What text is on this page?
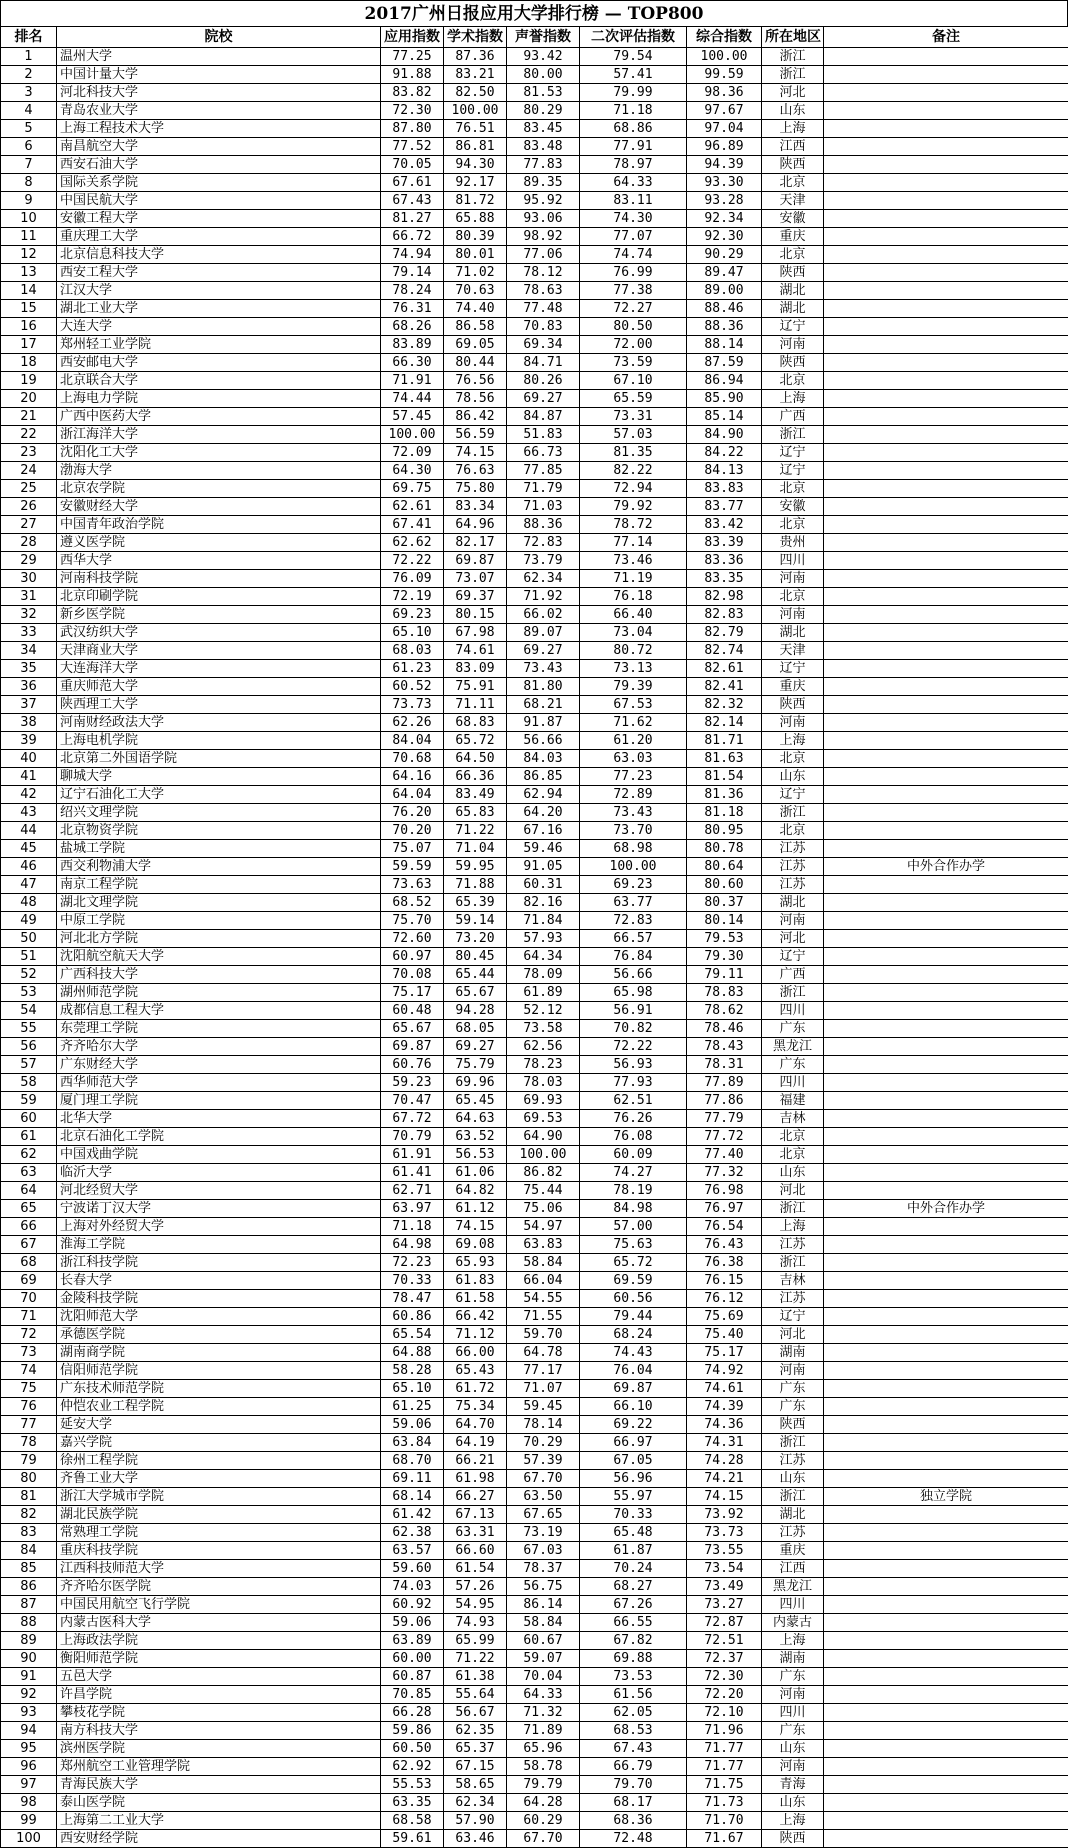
2017广州日报应用大学排行榜 — TOP800
排名	院校	应用指数	学术指数	声誉指数	二次评估指数	综合指数	所在地区	备注
1	温州大学	77.25	87.36	93.42	79.54	100.00	浙江	
2	中国计量大学	91.88	83.21	80.00	57.41	99.59	浙江	
3	河北科技大学	83.82	82.50	81.53	79.99	98.36	河北	
4	青岛农业大学	72.30	100.00	80.29	71.18	97.67	山东	
5	上海工程技术大学	87.80	76.51	83.45	68.86	97.04	上海	
6	南昌航空大学	77.52	86.81	83.48	77.91	96.89	江西	
7	西安石油大学	70.05	94.30	77.83	78.97	94.39	陕西	
8	国际关系学院	67.61	92.17	89.35	64.33	93.30	北京	
9	中国民航大学	67.43	81.72	95.92	83.11	93.28	天津	
10	安徽工程大学	81.27	65.88	93.06	74.30	92.34	安徽	
11	重庆理工大学	66.72	80.39	98.92	77.07	92.30	重庆	
12	北京信息科技大学	74.94	80.01	77.06	74.74	90.29	北京	
13	西安工程大学	79.14	71.02	78.12	76.99	89.47	陕西	
14	江汉大学	78.24	70.63	78.63	77.38	89.00	湖北	
15	湖北工业大学	76.31	74.40	77.48	72.27	88.46	湖北	
16	大连大学	68.26	86.58	70.83	80.50	88.36	辽宁	
17	郑州轻工业学院	83.89	69.05	69.34	72.00	88.14	河南	
18	西安邮电大学	66.30	80.44	84.71	73.59	87.59	陕西	
19	北京联合大学	71.91	76.56	80.26	67.10	86.94	北京	
20	上海电力学院	74.44	78.56	69.27	65.59	85.90	上海	
21	广西中医药大学	57.45	86.42	84.87	73.31	85.14	广西	
22	浙江海洋大学	100.00	56.59	51.83	57.03	84.90	浙江	
23	沈阳化工大学	72.09	74.15	66.73	81.35	84.22	辽宁	
24	渤海大学	64.30	76.63	77.85	82.22	84.13	辽宁	
25	北京农学院	69.75	75.80	71.79	72.94	83.83	北京	
26	安徽财经大学	62.61	83.34	71.03	79.92	83.77	安徽	
27	中国青年政治学院	67.41	64.96	88.36	78.72	83.42	北京	
28	遵义医学院	62.62	82.17	72.83	77.14	83.39	贵州	
29	西华大学	72.22	69.87	73.79	73.46	83.36	四川	
30	河南科技学院	76.09	73.07	62.34	71.19	83.35	河南	
31	北京印刷学院	72.19	69.37	71.92	76.18	82.98	北京	
32	新乡医学院	69.23	80.15	66.02	66.40	82.83	河南	
33	武汉纺织大学	65.10	67.98	89.07	73.04	82.79	湖北	
34	天津商业大学	68.03	74.61	69.27	80.72	82.74	天津	
35	大连海洋大学	61.23	83.09	73.43	73.13	82.61	辽宁	
36	重庆师范大学	60.52	75.91	81.80	79.39	82.41	重庆	
37	陕西理工大学	73.73	71.11	68.21	67.53	82.32	陕西	
38	河南财经政法大学	62.26	68.83	91.87	71.62	82.14	河南	
39	上海电机学院	84.04	65.72	56.66	61.20	81.71	上海	
40	北京第二外国语学院	70.68	64.50	84.03	63.03	81.63	北京	
41	聊城大学	64.16	66.36	86.85	77.23	81.54	山东	
42	辽宁石油化工大学	64.04	83.49	62.94	72.89	81.36	辽宁	
43	绍兴文理学院	76.20	65.83	64.20	73.43	81.18	浙江	
44	北京物资学院	70.20	71.22	67.16	73.70	80.95	北京	
45	盐城工学院	75.07	71.04	59.46	68.98	80.78	江苏	
46	西交利物浦大学	59.59	59.95	91.05	100.00	80.64	江苏	中外合作办学
47	南京工程学院	73.63	71.88	60.31	69.23	80.60	江苏	
48	湖北文理学院	68.52	65.39	82.16	63.77	80.37	湖北	
49	中原工学院	75.70	59.14	71.84	72.83	80.14	河南	
50	河北北方学院	72.60	73.20	57.93	66.57	79.53	河北	
51	沈阳航空航天大学	60.97	80.45	64.34	76.84	79.30	辽宁	
52	广西科技大学	70.08	65.44	78.09	56.66	79.11	广西	
53	湖州师范学院	75.17	65.67	61.89	65.98	78.83	浙江	
54	成都信息工程大学	60.48	94.28	52.12	56.91	78.62	四川	
55	东莞理工学院	65.67	68.05	73.58	70.82	78.46	广东	
56	齐齐哈尔大学	69.87	69.27	62.56	72.22	78.43	黑龙江	
57	广东财经大学	60.76	75.79	78.23	56.93	78.31	广东	
58	西华师范大学	59.23	69.96	78.03	77.93	77.89	四川	
59	厦门理工学院	70.47	65.45	69.93	62.51	77.86	福建	
60	北华大学	67.72	64.63	69.53	76.26	77.79	吉林	
61	北京石油化工学院	70.79	63.52	64.90	76.08	77.72	北京	
62	中国戏曲学院	61.91	56.53	100.00	60.09	77.40	北京	
63	临沂大学	61.41	61.06	86.82	74.27	77.32	山东	
64	河北经贸大学	62.71	64.82	75.44	78.19	76.98	河北	
65	宁波诺丁汉大学	63.97	61.12	75.06	84.98	76.97	浙江	中外合作办学
66	上海对外经贸大学	71.18	74.15	54.97	57.00	76.54	上海	
67	淮海工学院	64.98	69.08	63.83	75.63	76.43	江苏	
68	浙江科技学院	72.23	65.93	58.84	65.72	76.38	浙江	
69	长春大学	70.33	61.83	66.04	69.59	76.15	吉林	
70	金陵科技学院	78.47	61.58	54.55	60.56	76.12	江苏	
71	沈阳师范大学	60.86	66.42	71.55	79.44	75.69	辽宁	
72	承德医学院	65.54	71.12	59.70	68.24	75.40	河北	
73	湖南商学院	64.88	66.00	64.78	74.43	75.17	湖南	
74	信阳师范学院	58.28	65.43	77.17	76.04	74.92	河南	
75	广东技术师范学院	65.10	61.72	71.07	69.87	74.61	广东	
76	仲恺农业工程学院	61.25	75.34	59.45	66.10	74.39	广东	
77	延安大学	59.06	64.70	78.14	69.22	74.36	陕西	
78	嘉兴学院	63.84	64.19	70.29	66.97	74.31	浙江	
79	徐州工程学院	68.70	66.21	57.39	67.05	74.28	江苏	
80	齐鲁工业大学	69.11	61.98	67.70	56.96	74.21	山东	
81	浙江大学城市学院	68.14	66.27	63.50	55.97	74.15	浙江	独立学院
82	湖北民族学院	61.42	67.13	67.65	70.33	73.92	湖北	
83	常熟理工学院	62.38	63.31	73.19	65.48	73.73	江苏	
84	重庆科技学院	63.57	66.60	67.03	61.87	73.55	重庆	
85	江西科技师范大学	59.60	61.54	78.37	70.24	73.54	江西	
86	齐齐哈尔医学院	74.03	57.26	56.75	68.27	73.49	黑龙江	
87	中国民用航空飞行学院	60.92	54.95	86.14	67.26	73.27	四川	
88	内蒙古医科大学	59.06	74.93	58.84	66.55	72.87	内蒙古	
89	上海政法学院	63.89	65.99	60.67	67.82	72.51	上海	
90	衡阳师范学院	60.00	71.22	59.07	69.88	72.37	湖南	
91	五邑大学	60.87	61.38	70.04	73.53	72.30	广东	
92	许昌学院	70.85	55.64	64.33	61.56	72.20	河南	
93	攀枝花学院	66.28	56.67	71.32	62.05	72.10	四川	
94	南方科技大学	59.86	62.35	71.89	68.53	71.96	广东	
95	滨州医学院	60.50	65.37	65.96	67.43	71.77	山东	
96	郑州航空工业管理学院	62.92	67.15	58.78	66.79	71.77	河南	
97	青海民族大学	55.53	58.65	79.79	79.70	71.75	青海	
98	泰山医学院	63.35	62.34	64.28	68.17	71.73	山东	
99	上海第二工业大学	68.58	57.90	60.29	68.36	71.70	上海	
100	西安财经学院	59.61	63.46	67.70	72.48	71.67	陕西	
